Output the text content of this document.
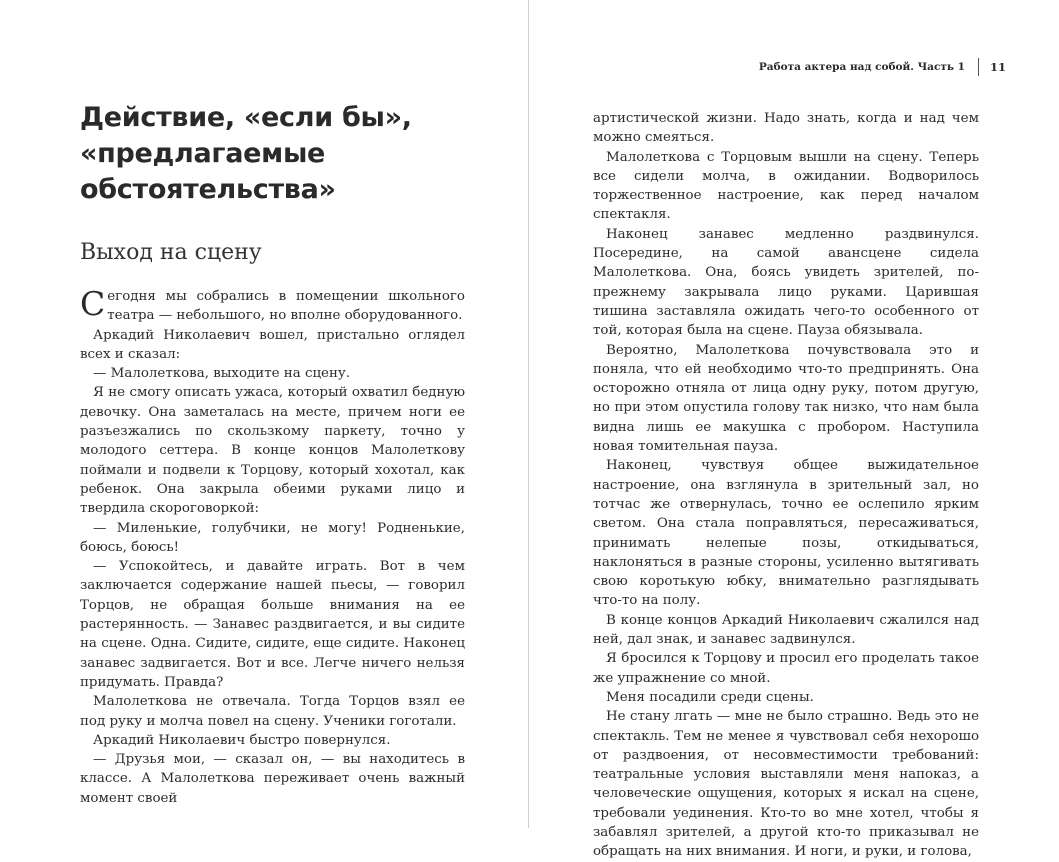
Действие, «если бы», «предлагаемые обстоятельства»
Выход на сцену

Сегодня мы собрались в помещении школьного театра — небольшого, но вполне оборудованного.

Аркадий Николаевич вошел, пристально оглядел всех и сказал:

— Малолеткова, выходите на сцену.

Я не смогу описать ужаса, который охватил бедную девочку. Она заметалась на месте, причем ноги ее разъезжались по скользкому паркету, точно у молодого сеттера. В конце концов Малолеткову поймали и подвели к Торцову, который хохотал, как ребенок. Она закрыла обеими руками лицо и твердила скороговоркой:

— Миленькие, голубчики, не могу! Родненькие, боюсь, боюсь!

— Успокойтесь, и давайте играть. Вот в чем заключается содержание нашей пьесы, — говорил Торцов, не обращая больше внимания на ее растерянность. — Занавес раздвигается, и вы сидите на сцене. Одна. Сидите, сидите, еще сидите. Наконец занавес задвигается. Вот и все. Легче ничего нельзя придумать. Правда?

Малолеткова не отвечала. Тогда Торцов взял ее под руку и молча повел на сцену. Ученики гоготали.

Аркадий Николаевич быстро повернулся.

— Друзья мои, — сказал он, — вы находитесь в классе. А Малолеткова переживает очень важный момент своей

Работа актера над собой. Часть 1 11

артистической жизни. Надо знать, когда и над чем можно смеяться.

Малолеткова с Торцовым вышли на сцену. Теперь все сидели молча, в ожидании. Водворилось торжественное настроение, как перед началом спектакля.

Наконец занавес медленно раздвинулся. Посередине, на самой авансцене сидела Малолеткова. Она, боясь увидеть зрителей, по-прежнему закрывала лицо руками. Царившая тишина заставляла ожидать чего-то особенного от той, которая была на сцене. Пауза обязывала.

Вероятно, Малолеткова почувствовала это и поняла, что ей необходимо что-то предпринять. Она осторожно отняла от лица одну руку, потом другую, но при этом опустила голову так низко, что нам была видна лишь ее макушка с пробором. Наступила новая томительная пауза.

Наконец, чувствуя общее выжидательное настроение, она взглянула в зрительный зал, но тотчас же отвернулась, точно ее ослепило ярким светом. Она стала поправляться, пересаживаться, принимать нелепые позы, откидываться, наклоняться в разные стороны, усиленно вытягивать свою коротькую юбку, внимательно разглядывать что-то на полу.

В конце концов Аркадий Николаевич сжалился над ней, дал знак, и занавес задвинулся.

Я бросился к Торцову и просил его проделать такое же упражнение со мной.

Меня посадили среди сцены.

Не стану лгать — мне не было страшно. Ведь это не спектакль. Тем не менее я чувствовал себя нехорошо от раздвоения, от несовместимости требований: театральные условия выставляли меня напоказ, а человеческие ощущения, которых я искал на сцене, требовали уединения. Кто-то во мне хотел, чтобы я забавлял зрителей, а другой кто-то приказывал не обращать на них внимания. И ноги, и руки, и голова,
